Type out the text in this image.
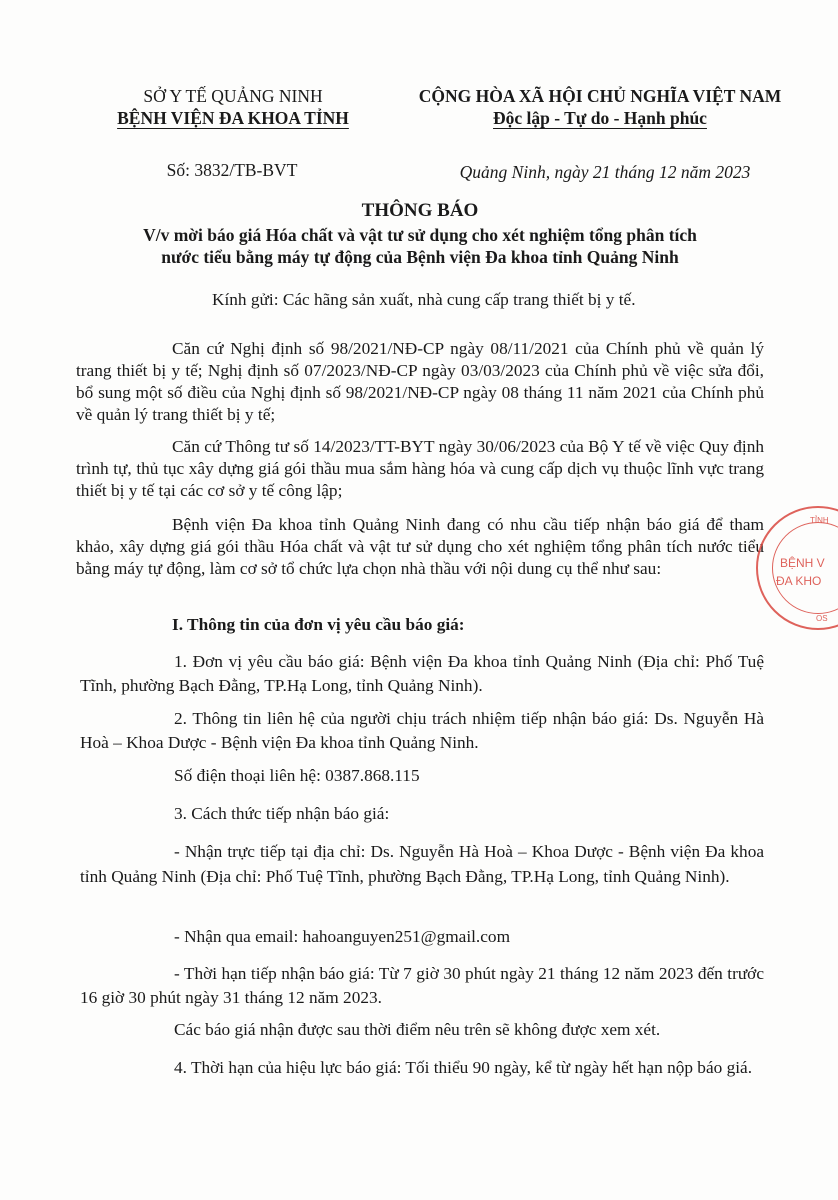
SỞ Y TẾ QUẢNG NINH
BỆNH VIỆN ĐA KHOA TỈNH
CỘNG HÒA XÃ HỘI CHỦ NGHĨA VIỆT NAM
Độc lập - Tự do - Hạnh phúc
Số: 3832/TB-BVT	Quảng Ninh, ngày 21 tháng 12 năm 2023
THÔNG BÁO
V/v mời báo giá Hóa chất và vật tư sử dụng cho xét nghiệm tổng phân tích
nước tiểu bằng máy tự động của Bệnh viện Đa khoa tỉnh Quảng Ninh
Kính gửi: Các hãng sản xuất, nhà cung cấp trang thiết bị y tế.
Căn cứ Nghị định số 98/2021/NĐ-CP ngày 08/11/2021 của Chính phủ về quản lý trang thiết bị y tế; Nghị định số 07/2023/NĐ-CP ngày 03/03/2023 của Chính phủ về việc sửa đổi, bổ sung một số điều của Nghị định số 98/2021/NĐ-CP ngày 08 tháng 11 năm 2021 của Chính phủ về quản lý trang thiết bị y tế;
Căn cứ Thông tư số 14/2023/TT-BYT ngày 30/06/2023 của Bộ Y tế về việc Quy định trình tự, thủ tục xây dựng giá gói thầu mua sắm hàng hóa và cung cấp dịch vụ thuộc lĩnh vực trang thiết bị y tế tại các cơ sở y tế công lập;
Bệnh viện Đa khoa tỉnh Quảng Ninh đang có nhu cầu tiếp nhận báo giá để tham khảo, xây dựng giá gói thầu Hóa chất và vật tư sử dụng cho xét nghiệm tổng phân tích nước tiểu bằng máy tự động, làm cơ sở tổ chức lựa chọn nhà thầu với nội dung cụ thể như sau:
I. Thông tin của đơn vị yêu cầu báo giá:
1. Đơn vị yêu cầu báo giá: Bệnh viện Đa khoa tỉnh Quảng Ninh (Địa chỉ: Phố Tuệ Tĩnh, phường Bạch Đằng, TP.Hạ Long, tỉnh Quảng Ninh).
2. Thông tin liên hệ của người chịu trách nhiệm tiếp nhận báo giá: Ds. Nguyễn Hà Hoà – Khoa Dược - Bệnh viện Đa khoa tỉnh Quảng Ninh.
Số điện thoại liên hệ: 0387.868.115
3. Cách thức tiếp nhận báo giá:
- Nhận trực tiếp tại địa chỉ: Ds. Nguyễn Hà Hoà – Khoa Dược - Bệnh viện Đa khoa tỉnh Quảng Ninh (Địa chỉ: Phố Tuệ Tĩnh, phường Bạch Đằng, TP.Hạ Long, tỉnh Quảng Ninh).
- Nhận qua email: hahoanguyen251@gmail.com
- Thời hạn tiếp nhận báo giá: Từ 7 giờ 30 phút ngày 21 tháng 12 năm 2023 đến trước 16 giờ 30 phút ngày 31 tháng 12 năm 2023.
Các báo giá nhận được sau thời điểm nêu trên sẽ không được xem xét.
4. Thời hạn của hiệu lực báo giá: Tối thiểu 90 ngày, kể từ ngày hết hạn nộp báo giá.
TỈNH
BỆNH V
ĐA KHO
OS
